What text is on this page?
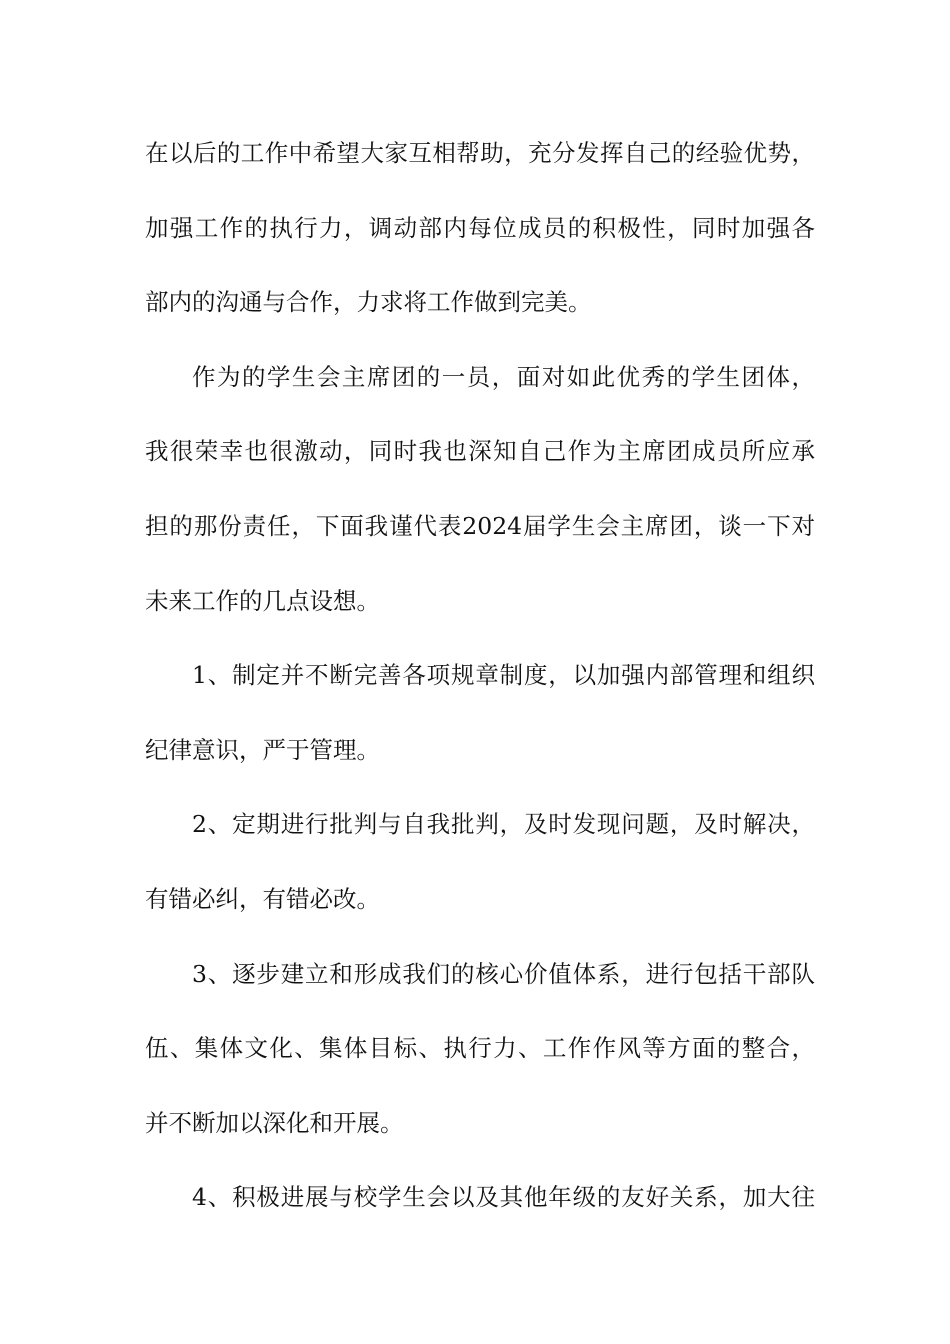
在以后的工作中希望大家互相帮助，充分发挥自己的经验优势，
加强工作的执行力，调动部内每位成员的积极性，同时加强各
部内的沟通与合作，力求将工作做到完美。
作为的学生会主席团的一员，面对如此优秀的学生团体，
我很荣幸也很激动，同时我也深知自己作为主席团成员所应承
担的那份责任，下面我谨代表2024届学生会主席团，谈一下对
未来工作的几点设想。
1、制定并不断完善各项规章制度，以加强内部管理和组织
纪律意识，严于管理。
2、定期进行批判与自我批判，及时发现问题，及时解决，
有错必纠，有错必改。
3、逐步建立和形成我们的核心价值体系，进行包括干部队
伍、集体文化、集体目标、执行力、工作作风等方面的整合，
并不断加以深化和开展。
4、积极进展与校学生会以及其他年级的友好关系，加大往
